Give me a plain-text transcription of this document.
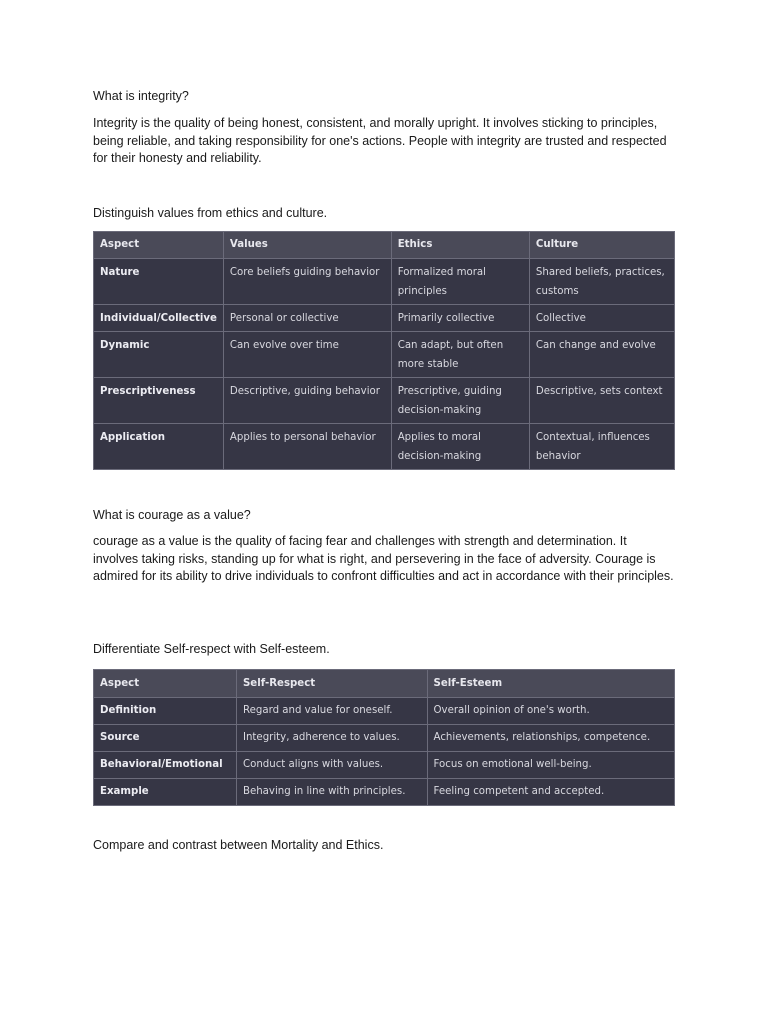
What is integrity?
Integrity is the quality of being honest, consistent, and morally upright. It involves sticking to principles, being reliable, and taking responsibility for one's actions. People with integrity are trusted and respected for their honesty and reliability.
Distinguish values from ethics and culture.
Aspect	Values	Ethics	Culture
Nature	Core beliefs guiding behavior	Formalized moral principles	Shared beliefs, practices, customs
Individual/Collective	Personal or collective	Primarily collective	Collective
Dynamic	Can evolve over time	Can adapt, but often more stable	Can change and evolve
Prescriptiveness	Descriptive, guiding behavior	Prescriptive, guiding decision-making	Descriptive, sets context
Application	Applies to personal behavior	Applies to moral decision-making	Contextual, influences behavior
What is courage as a value?
courage as a value is the quality of facing fear and challenges with strength and determination. It involves taking risks, standing up for what is right, and persevering in the face of adversity. Courage is admired for its ability to drive individuals to confront difficulties and act in accordance with their principles.
Differentiate Self-respect with Self-esteem.
Aspect	Self-Respect	Self-Esteem
Definition	Regard and value for oneself.	Overall opinion of one's worth.
Source	Integrity, adherence to values.	Achievements, relationships, competence.
Behavioral/Emotional	Conduct aligns with values.	Focus on emotional well-being.
Example	Behaving in line with principles.	Feeling competent and accepted.
Compare and contrast between Mortality and Ethics.
